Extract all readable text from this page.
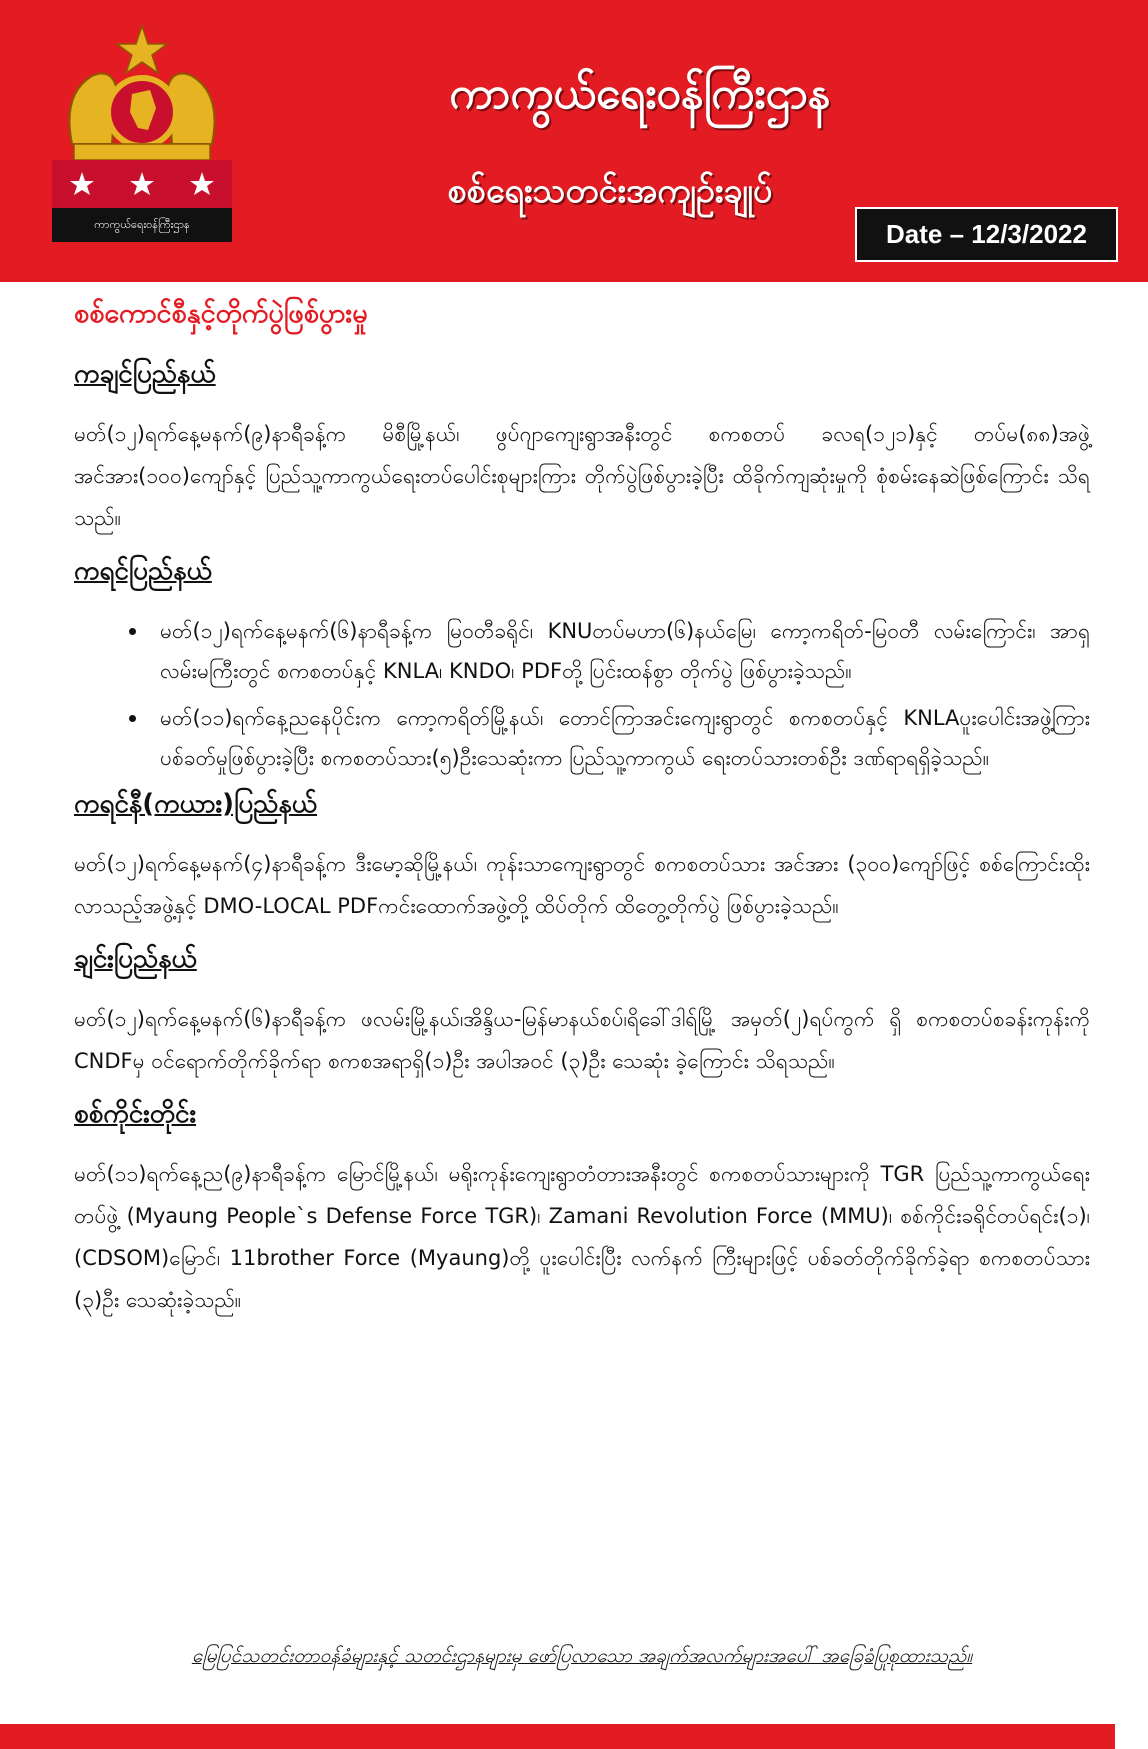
ကာကွယ်ရေးဝန်ကြီးဌာန
ကာကွယ်ရေးဝန်ကြီးဌာန
စစ်ရေးသတင်းအကျဉ်းချုပ်
Date – 12/3/2022
စစ်ကောင်စီနှင့်တိုက်ပွဲဖြစ်ပွားမှု
ကချင်ပြည်နယ်

မတ်(၁၂)ရက်နေ့မနက်(၉)နာရီခန့်က မိစီမြို့နယ်၊ ဖွပ်ဂျာကျေးရွာအနီးတွင် စကစတပ် ခလရ(၁၂၁)နှင့် တပ်မ(၈၈)အဖွဲ့ အင်အား(၁၀၀)ကျော်နှင့် ပြည်သူ့ကာကွယ်ရေးတပ်ပေါင်းစုများကြား တိုက်ပွဲဖြစ်ပွားခဲ့ပြီး ထိခိုက်ကျဆုံးမှုကို စုံစမ်းနေဆဲဖြစ်ကြောင်း သိရသည်။

ကရင်ပြည်နယ်
• မတ်(၁၂)ရက်နေ့မနက်(၆)နာရီခန့်က မြဝတီခရိုင်၊ KNUတပ်မဟာ(၆)နယ်မြေ၊ ကော့ကရိတ်-မြဝတီ လမ်းကြောင်း၊ အာရှလမ်းမကြီးတွင် စကစတပ်နှင့် KNLA၊ KNDO၊ PDFတို့ ပြင်းထန်စွာ တိုက်ပွဲ ဖြစ်ပွားခဲ့သည်။
• မတ်(၁၁)ရက်နေ့ညနေပိုင်းက ကော့ကရိတ်မြို့နယ်၊ တောင်ကြာအင်းကျေးရွာတွင် စကစတပ်နှင့် KNLAပူးပေါင်းအဖွဲ့ကြား ပစ်ခတ်မှုဖြစ်ပွားခဲ့ပြီး စကစတပ်သား(၅)ဦးသေဆုံးကာ ပြည်သူ့ကာကွယ် ရေးတပ်သားတစ်ဦး ဒဏ်ရာရရှိခဲ့သည်။
ကရင်နီ(ကယား)ပြည်နယ်

မတ်(၁၂)ရက်နေ့မနက်(၄)နာရီခန့်က ဒီးမော့ဆိုမြို့နယ်၊ ကုန်းသာကျေးရွာတွင် စကစတပ်သား အင်အား (၃၀၀)ကျော်ဖြင့် စစ်ကြောင်းထိုးလာသည့်အဖွဲ့နှင့် DMO-LOCAL PDFကင်းထောက်အဖွဲ့တို့ ထိပ်တိုက် ထိတွေ့တိုက်ပွဲ ဖြစ်ပွားခဲ့သည်။

ချင်းပြည်နယ်

မတ်(၁၂)ရက်နေ့မနက်(၆)နာရီခန့်က ဖလမ်းမြို့နယ်၊အိန္ဒိယ-မြန်မာနယ်စပ်၊ရိခေါ်ဒါရ်မြို့ အမှတ်(၂)ရပ်ကွက် ရှိ စကစတပ်စခန်းကုန်းကို CNDFမှ ဝင်ရောက်တိုက်ခိုက်ရာ စကစအရာရှိ(၁)ဦး အပါအဝင် (၃)ဦး သေဆုံး ခဲ့ကြောင်း သိရသည်။

စစ်ကိုင်းတိုင်း

မတ်(၁၁)ရက်နေ့ည(၉)နာရီခန့်က မြောင်မြို့နယ်၊ မရိုးကုန်းကျေးရွာတံတားအနီးတွင် စကစတပ်သားများကို TGR ပြည်သူ့ကာကွယ်ရေးတပ်ဖွဲ့ (Myaung People`s Defense Force TGR)၊ Zamani Revolution Force (MMU)၊ စစ်ကိုင်းခရိုင်တပ်ရင်း(၁)၊ (CDSOM)မြောင်၊ 11brother Force (Myaung)တို့ ပူးပေါင်းပြီး လက်နက် ကြီးများဖြင့် ပစ်ခတ်တိုက်ခိုက်ခဲ့ရာ စကစတပ်သား (၃)ဦး သေဆုံးခဲ့သည်။

မြေပြင်သတင်းတာဝန်ခံများနှင့် သတင်းဌာနများမှ ဖော်ပြလာသော အချက်အလက်များအပေါ် အခြေခံပြုစုထားသည်။
